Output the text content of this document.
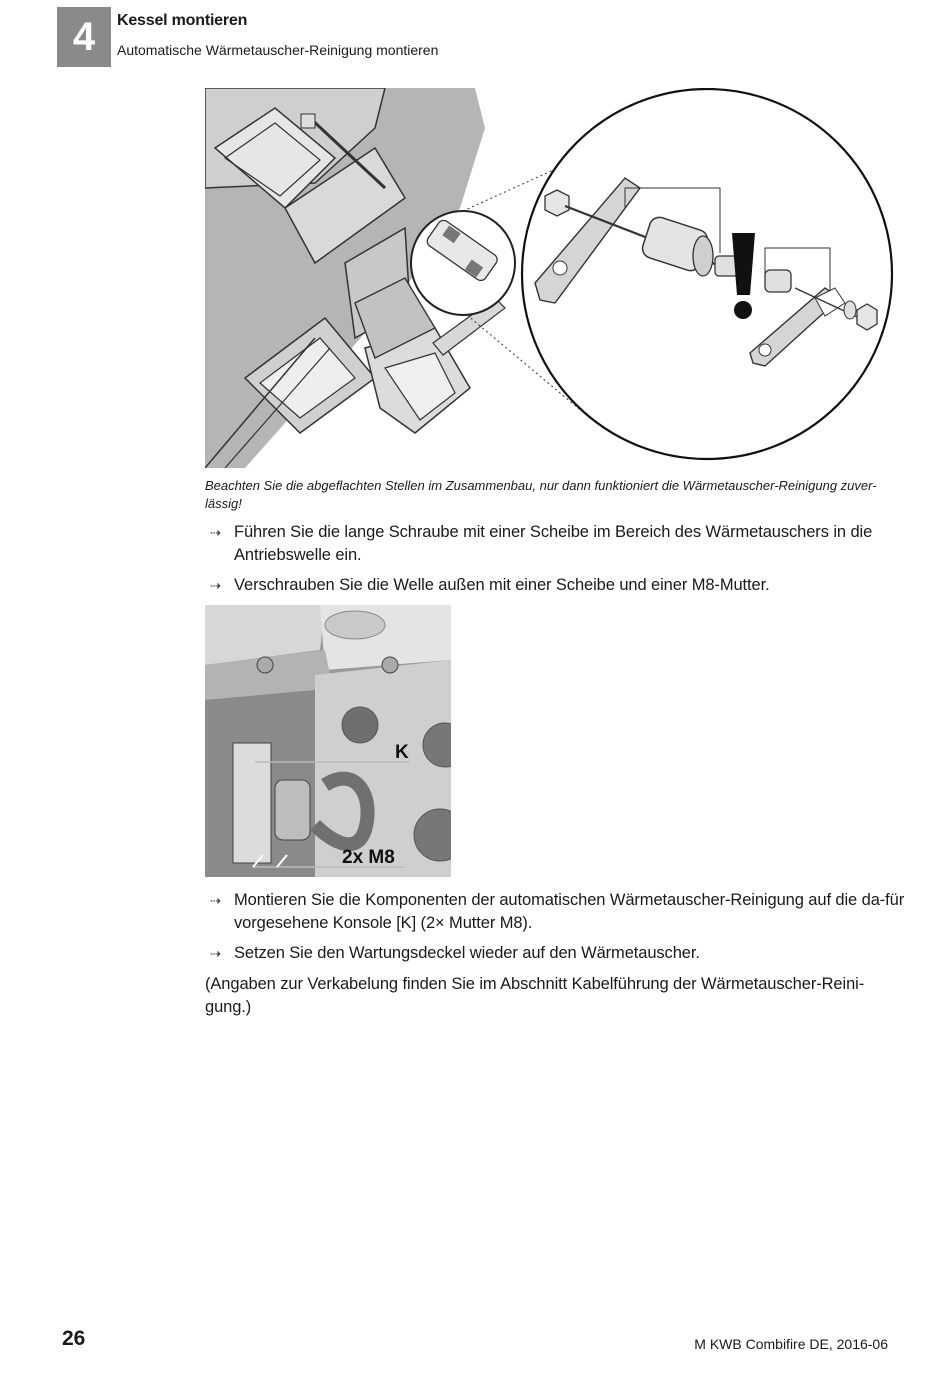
4	Kessel montieren
Automatische Wärmetauscher-Reinigung montieren
Beachten Sie die abgeflachten Stellen im Zusammenbau, nur dann funktioniert die Wärmetauscher-Reinigung zuver-lässig!
⇢ Führen Sie die lange Schraube mit einer Scheibe im Bereich des Wärmetauschers in die Antriebswelle ein.
⇢ Verschrauben Sie die Welle außen mit einer Scheibe und einer M8-Mutter.
K
2x M8
⇢ Montieren Sie die Komponenten der automatischen Wärmetauscher-Reinigung auf die da-für vorgesehene Konsole [K] (2× Mutter M8).
⇢ Setzen Sie den Wartungsdeckel wieder auf den Wärmetauscher.
(Angaben zur Verkabelung finden Sie im Abschnitt Kabelführung der Wärmetauscher-Reini-gung.)
26	M KWB Combifire DE, 2016-06
